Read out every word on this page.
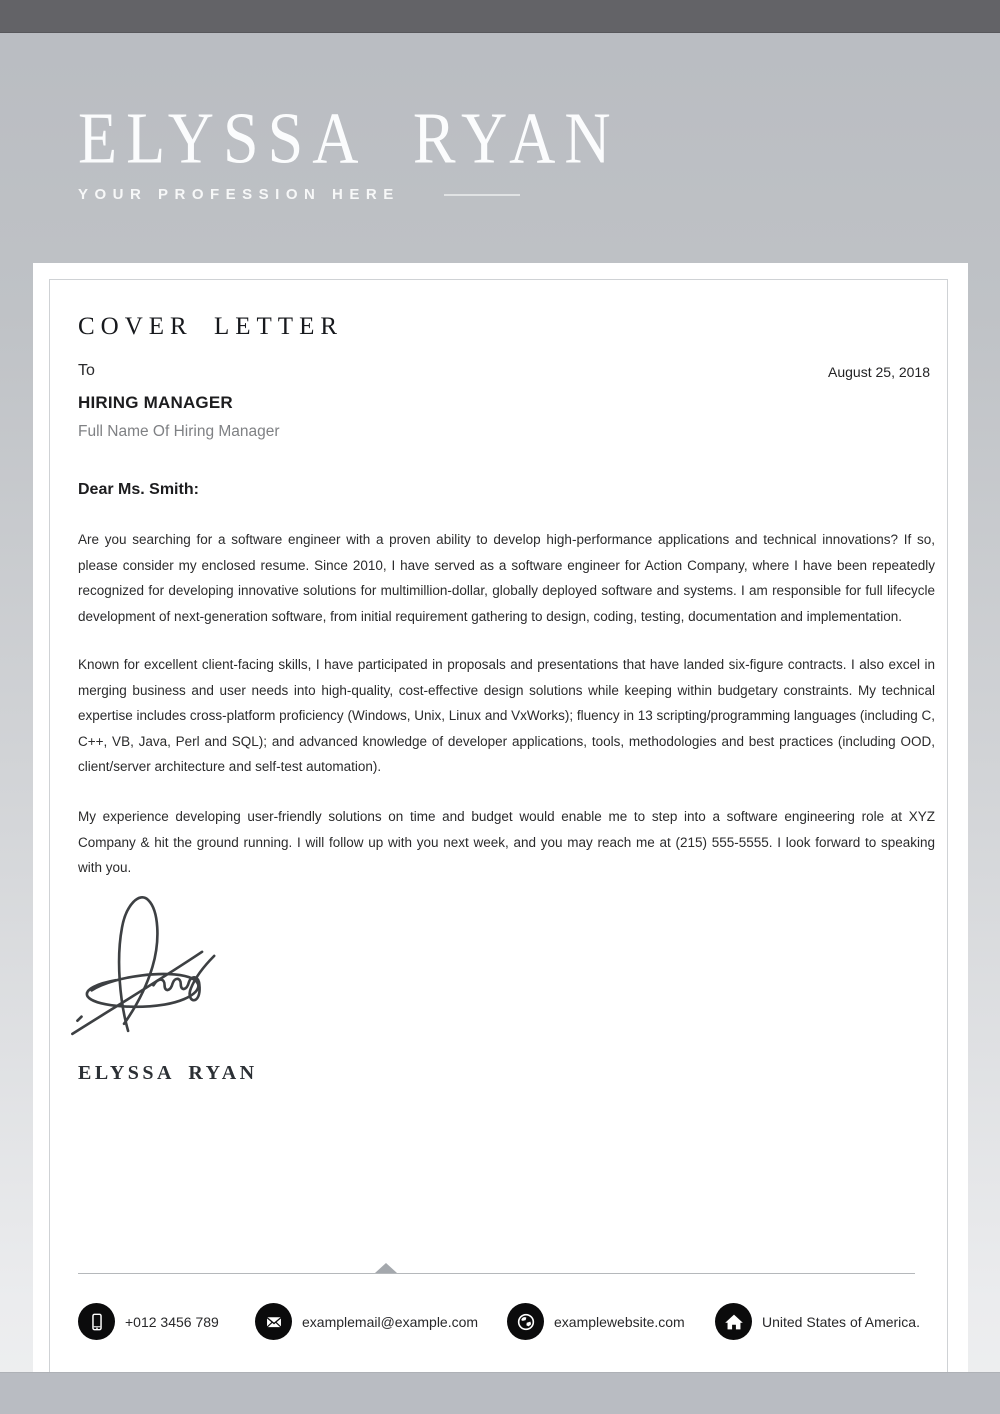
ELYSSA RYAN
YOUR PROFESSION HERE
COVER LETTER
To	August 25, 2018
HIRING MANAGER
Full Name Of Hiring Manager
Dear Ms. Smith:

Are you searching for a software engineer with a proven ability to develop high-performance applications and technical innovations? If so, please consider my enclosed resume. Since 2010, I have served as a software engineer for Action Company, where I have been repeatedly recognized for developing innovative solutions for multimillion-dollar, globally deployed software and systems. I am responsible for full lifecycle development of next-generation software, from initial requirement gathering to design, coding, testing, documentation and implementation.

Known for excellent client-facing skills, I have participated in proposals and presentations that have landed six-figure contracts. I also excel in merging business and user needs into high-quality, cost-effective design solutions while keeping within budgetary constraints. My technical expertise includes cross-platform proficiency (Windows, Unix, Linux and VxWorks); fluency in 13 scripting/programming languages (including C, C++, VB, Java, Perl and SQL); and advanced knowledge of developer applications, tools, methodologies and best practices (including OOD, client/server architecture and self-test automation).

My experience developing user-friendly solutions on time and budget would enable me to step into a software engineering role at XYZ Company & hit the ground running. I will follow up with you next week, and you may reach me at (215) 555-5555. I look forward to speaking with you.

ELYSSA RYAN
+012 3456 789	examplemail@example.com	examplewebsite.com	United States of America.
